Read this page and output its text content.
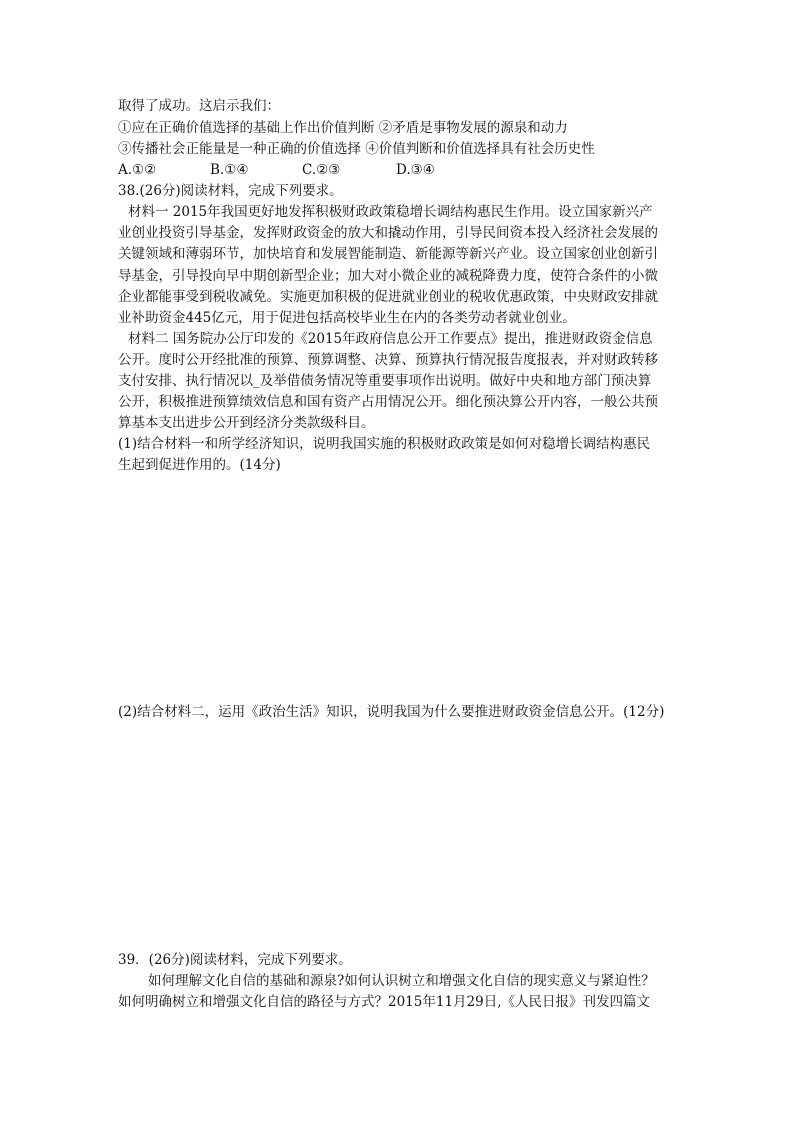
取得了成功。这启示我们：
①应在正确价值选择的基础上作出价值判断 ②矛盾是事物发展的源泉和动力
③传播社会正能量是一种正确的价值选择 ④价值判断和价值选择具有社会历史性
A.①②	B.①④	C.②③	D.③④
38.(26分)阅读材料，完成下列要求。
材料一 2015年我国更好地发挥积极财政政策稳增长调结构惠民生作用。设立国家新兴产
业创业投资引导基金，发挥财政资金的放大和撬动作用，引导民间资本投入经济社会发展的
关键领域和薄弱环节，加快培育和发展智能制造、新能源等新兴产业。设立国家创业创新引
导基金，引导投向早中期创新型企业；加大对小微企业的减税降费力度，使符合条件的小微
企业都能事受到税收减免。实施更加积极的促进就业创业的税收优惠政策，中央财政安排就
业补助资金445亿元，用于促进包括高校毕业生在内的各类劳动者就业创业。
材料二 国务院办公厅印发的《2015年政府信息公开工作要点》提出，推进财政资金信息
公开。度时公开经批准的预算、预算调整、决算、预算执行情况报告度报表，并对财政转移
支付安排、执行情况以_及举借债务情况等重要事项作出说明。做好中央和地方部门预决算
公开，积极推进预算绩效信息和国有资产占用情况公开。细化预决算公开内容，一般公共预
算基本支出进步公开到经济分类款级科目。
(1)结合材料一和所学经济知识，说明我国实施的积极财政政策是如何对稳增长调结构惠民
生起到促进作用的。(14分)
(2)结合材料二，运用《政治生活》知识，说明我国为什么要推进财政资金信息公开。(12分)
39．(26分)阅读材料，完成下列要求。
如何理解文化自信的基础和源泉?如何认识树立和增强文化自信的现实意义与紧迫性？
如何明确树立和增强文化自信的路径与方式？2015年11月29日,《人民日报》刊发四篇文
